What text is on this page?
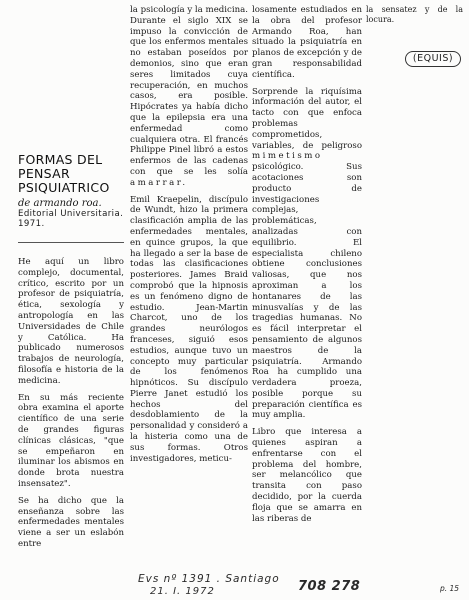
(EQUIS)
FORMAS DEL
PENSAR
PSIQUIATRICO
de armando roa.
Editorial Universitaria.
1971.

He aquí un libro complejo, documental, crítico, escrito por un profesor de psiquiatría, ética, sexología y antropología en las Universidades de Chile y Católica. Ha publicado numerosos trabajos de neurología, filosofía e historia de la medicina.

En su más reciente obra examina el aporte científico de una serie de grandes figuras clínicas clásicas, "que se empeñaron en iluminar los abismos en donde brota nuestra insensatez".

Se ha dicho que la enseñanza sobre las enfermedades mentales viene a ser un eslabón entre

la psicología y la medicina. Durante el siglo XIX se impuso la convicción de que los enfermos mentales no estaban poseídos por demonios, sino que eran seres limitados cuya recuperación, en muchos casos, era posible. Hipócrates ya había dicho que la epilepsia era una enfermedad como cualquiera otra. El francés Philippe Pinel libró a estos enfermos de las cadenas con que se les solía amarrar.

Emil Kraepelin, discípulo de Wundt, hizo la primera clasificación amplia de las enfermedades mentales, en quince grupos, la que ha llegado a ser la base de todas las clasificaciones posteriores. James Braid comprobó que la hipnosis es un fenómeno digno de estudio. Jean-Martin Charcot, uno de los grandes neurólogos franceses, siguió esos estudios, aunque tuvo un concepto muy particular de los fenómenos hipnóticos. Su discípulo Pierre Janet estudió los hechos del desdoblamiento de la personalidad y consideró a la histeria como una de sus formas. Otros investigadores, meticu-

losamente estudiados en la obra del profesor Armando Roa, han situado la psiquiatría en planos de excepción y de gran responsabilidad científica.

Sorprende la riquísima información del autor, el tacto con que enfoca problemas comprometidos, variables, de peligroso mimetismo psicológico. Sus acotaciones son producto de investigaciones complejas, problemáticas, analizadas con equilibrio. El especialista chileno obtiene conclusiones valiosas, que nos aproximan a los hontanares de las minusvalías y de las tragedias humanas. No es fácil interpretar el pensamiento de algunos maestros de la psiquiatría. Armando Roa ha cumplido una verdadera proeza, posible porque su preparación científica es muy amplia.

Libro que interesa a quienes aspiran a enfrentarse con el problema del hombre, ser melancólico que transita con paso decidido, por la cuerda floja que se amarra en las riberas de

la sensatez y de la locura.

Evs nº 1391 . Santiago
21. I. 1972	708 278	p. 15
